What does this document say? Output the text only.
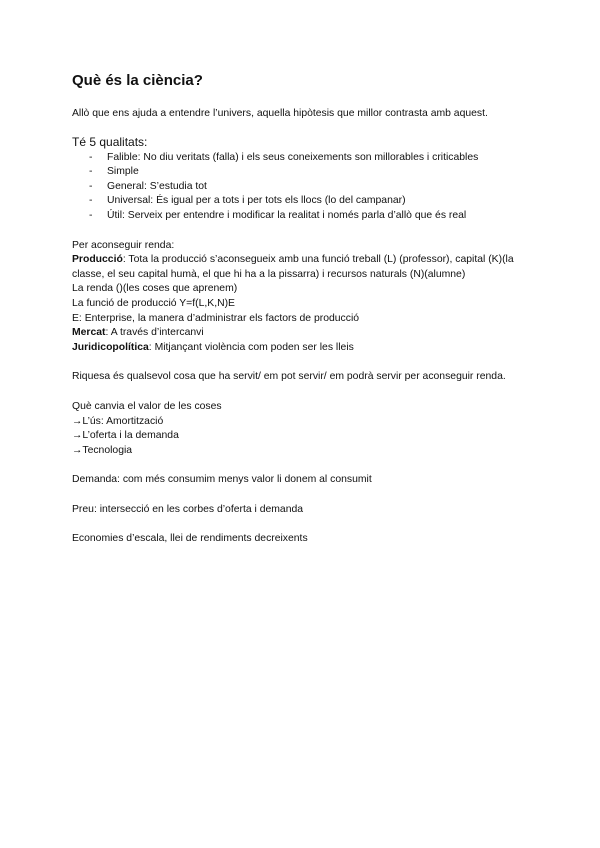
Què és la ciència?

Allò que ens ajuda a entendre l’univers, aquella hipòtesis que millor contrasta amb aquest.

Té 5 qualitats:

- Falible: No diu veritats (falla) i els seus coneixements son millorables i criticables
- Simple
- General: S’estudia tot
- Universal: És igual per a tots i per tots els llocs (lo del campanar)
- Útil: Serveix per entendre i modificar la realitat i només parla d’allò que és real

Per aconseguir renda:

Producció: Tota la producció s’aconsegueix amb una funció treball (L) (professor), capital (K)(la classe, el seu capital humà, el que hi ha a la pissarra) i recursos naturals (N)(alumne)

La renda ()(les coses que aprenem)

La funció de producció Y=f(L,K,N)E

E: Enterprise, la manera d’administrar els factors de producció

Mercat: A través d’intercanvi

Juridicopolítica: Mitjançant violència com poden ser les lleis

Riquesa és qualsevol cosa que ha servit/ em pot servir/ em podrà servir per aconseguir renda.

Què canvia el valor de les coses

→L’ús: Amortització

→L’oferta i la demanda

→Tecnologia

Demanda: com més consumim menys valor li donem al consumit

Preu: intersecció en les corbes d’oferta i demanda

Economies d’escala, llei de rendiments decreixents
